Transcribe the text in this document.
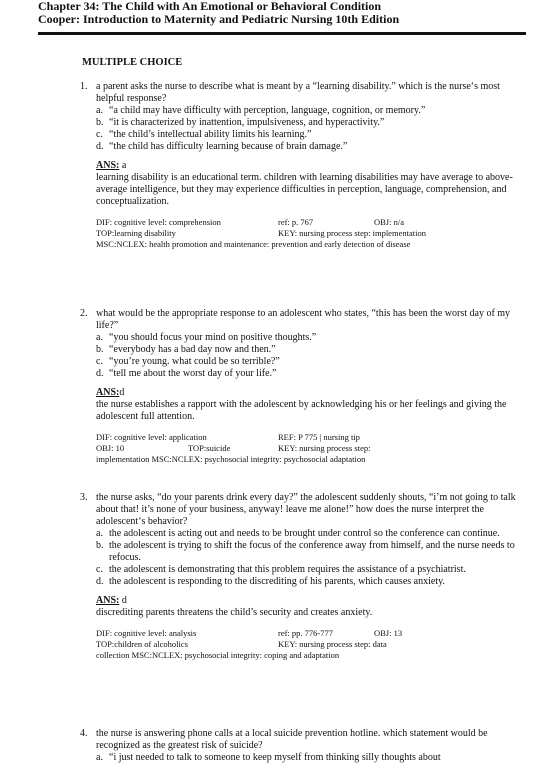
Chapter 34: The Child with An Emotional or Behavioral Condition
Cooper: Introduction to Maternity and Pediatric Nursing 10th Edition
MULTIPLE CHOICE
1. a parent asks the nurse to describe what is meant by a “learning disability.” which is the nurse‘s most helpful response?
a. “a child may have difficulty with perception, language, cognition, or memory.”
b. “it is characterized by inattention, impulsiveness, and hyperactivity.”
c. “the child’s intellectual ability limits his learning.”
d. “the child has difficulty learning because of brain damage.”
ANS: a
learning disability is an educational term. children with learning disabilities may have average to above-average intelligence, but they may experience difficulties in perception, language, comprehension, and conceptualization.
DIF: cognitive level: comprehension	ref: p. 767	OBJ: n/a
TOP:learning disability	KEY: nursing process step: implementation
MSC:NCLEX: health promotion and maintenance: prevention and early detection of disease
2. what would be the appropriate response to an adolescent who states, “this has been the worst day of my life?”
a. “you should focus your mind on positive thoughts.”
b. “everybody has a bad day now and then.”
c. “you’re young. what could be so terrible?”
d. “tell me about the worst day of your life.”
ANS:d
the nurse establishes a rapport with the adolescent by acknowledging his or her feelings and giving the adolescent full attention.
DIF: cognitive level: application	REF: P 775 | nursing tip
OBJ: 10	TOP:suicide	KEY: nursing process step:
implementation MSC:NCLEX: psychosocial integrity: psychosocial adaptation
3. the nurse asks, “do your parents drink every day?” the adolescent suddenly shouts, “i’m not going to talk about that! it’s none of your business, anyway! leave me alone!” how does the nurse interpret the adolescent‘s behavior?
a. the adolescent is acting out and needs to be brought under control so the conference can continue.
b. the adolescent is trying to shift the focus of the conference away from himself, and the nurse needs to refocus.
c. the adolescent is demonstrating that this problem requires the assistance of a psychiatrist.
d. the adolescent is responding to the discrediting of his parents, which causes anxiety.
ANS: d
discrediting parents threatens the child’s security and creates anxiety.
DIF: cognitive level: analysis	ref: pp. 776-777	OBJ: 13
TOP:children of alcoholics	KEY: nursing process step: data
collection MSC:NCLEX: psychosocial integrity: coping and adaptation
4. the nurse is answering phone calls at a local suicide prevention hotline. which statement would be recognized as the greatest risk of suicide?
a. “i just needed to talk to someone to keep myself from thinking silly thoughts about
